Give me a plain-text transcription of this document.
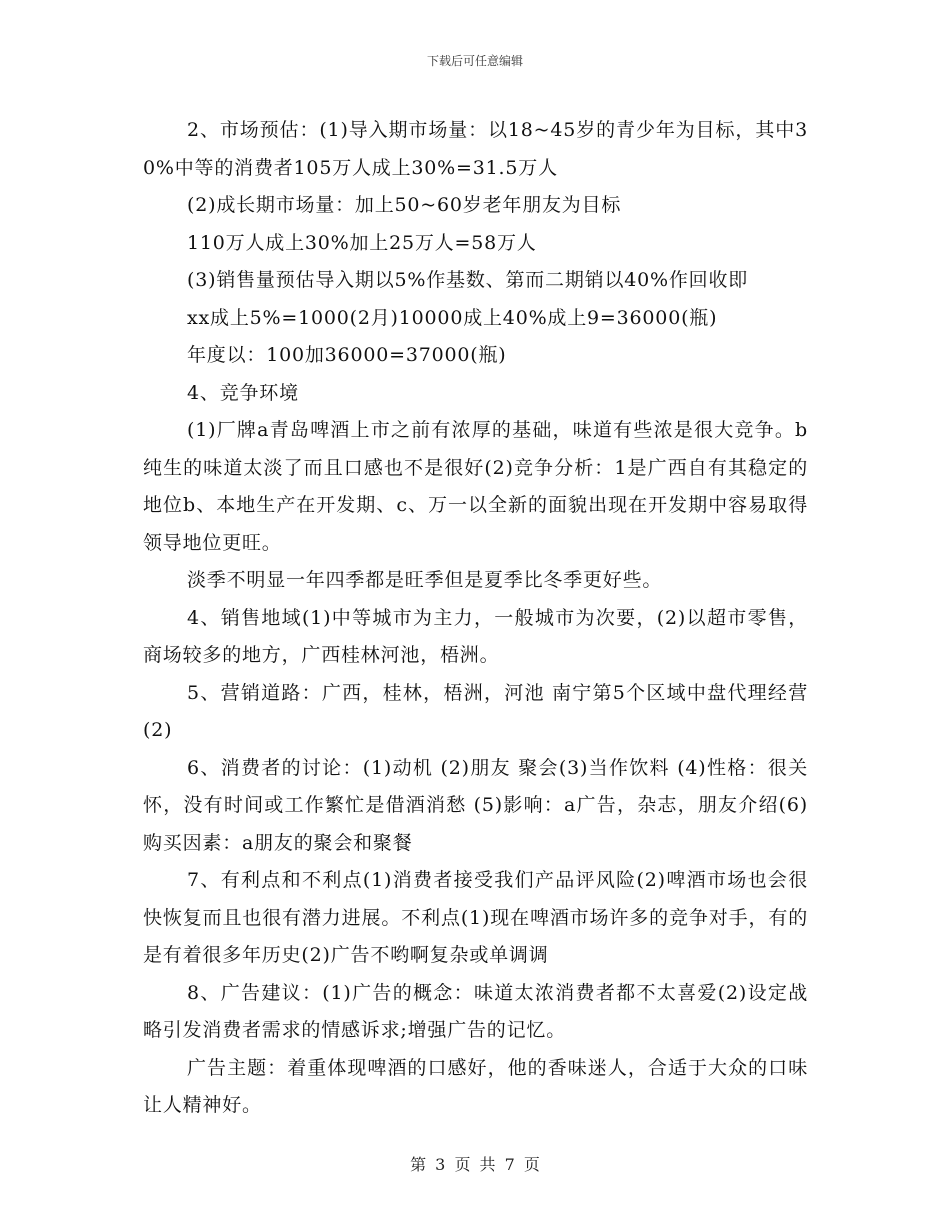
下载后可任意编辑

2、市场预估：(1)导入期市场量：以18~45岁的青少年为目标，其中30%中等的消费者105万人成上30%=31.5万人

(2)成长期市场量：加上50~60岁老年朋友为目标

110万人成上30%加上25万人=58万人

(3)销售量预估导入期以5%作基数、第而二期销以40%作回收即

xx成上5%=1000(2月)10000成上40%成上9=36000(瓶)

年度以：100加36000=37000(瓶)

4、竞争环境

(1)厂牌a青岛啤酒上市之前有浓厚的基础，味道有些浓是很大竞争。b纯生的味道太淡了而且口感也不是很好(2)竞争分析：1是广西自有其稳定的地位b、本地生产在开发期、c、万一以全新的面貌出现在开发期中容易取得领导地位更旺。

淡季不明显一年四季都是旺季但是夏季比冬季更好些。

4、销售地域(1)中等城市为主力，一般城市为次要，(2)以超市零售，商场较多的地方，广西桂林河池，梧洲。

5、营销道路：广西，桂林，梧洲，河池 南宁第5个区域中盘代理经营(2)

6、消费者的讨论：(1)动机 (2)朋友 聚会(3)当作饮料 (4)性格：很关怀，没有时间或工作繁忙是借酒消愁 (5)影响：a广告，杂志，朋友介绍(6)购买因素：a朋友的聚会和聚餐

7、有利点和不利点(1)消费者接受我们产品评风险(2)啤酒市场也会很快恢复而且也很有潜力进展。不利点(1)现在啤酒市场许多的竞争对手，有的是有着很多年历史(2)广告不哟啊复杂或单调调

8、广告建议：(1)广告的概念：味道太浓消费者都不太喜爱(2)设定战略引发消费者需求的情感诉求;增强广告的记忆。

广告主题：着重体现啤酒的口感好，他的香味迷人，合适于大众的口味让人精神好。

第 3 页 共 7 页
